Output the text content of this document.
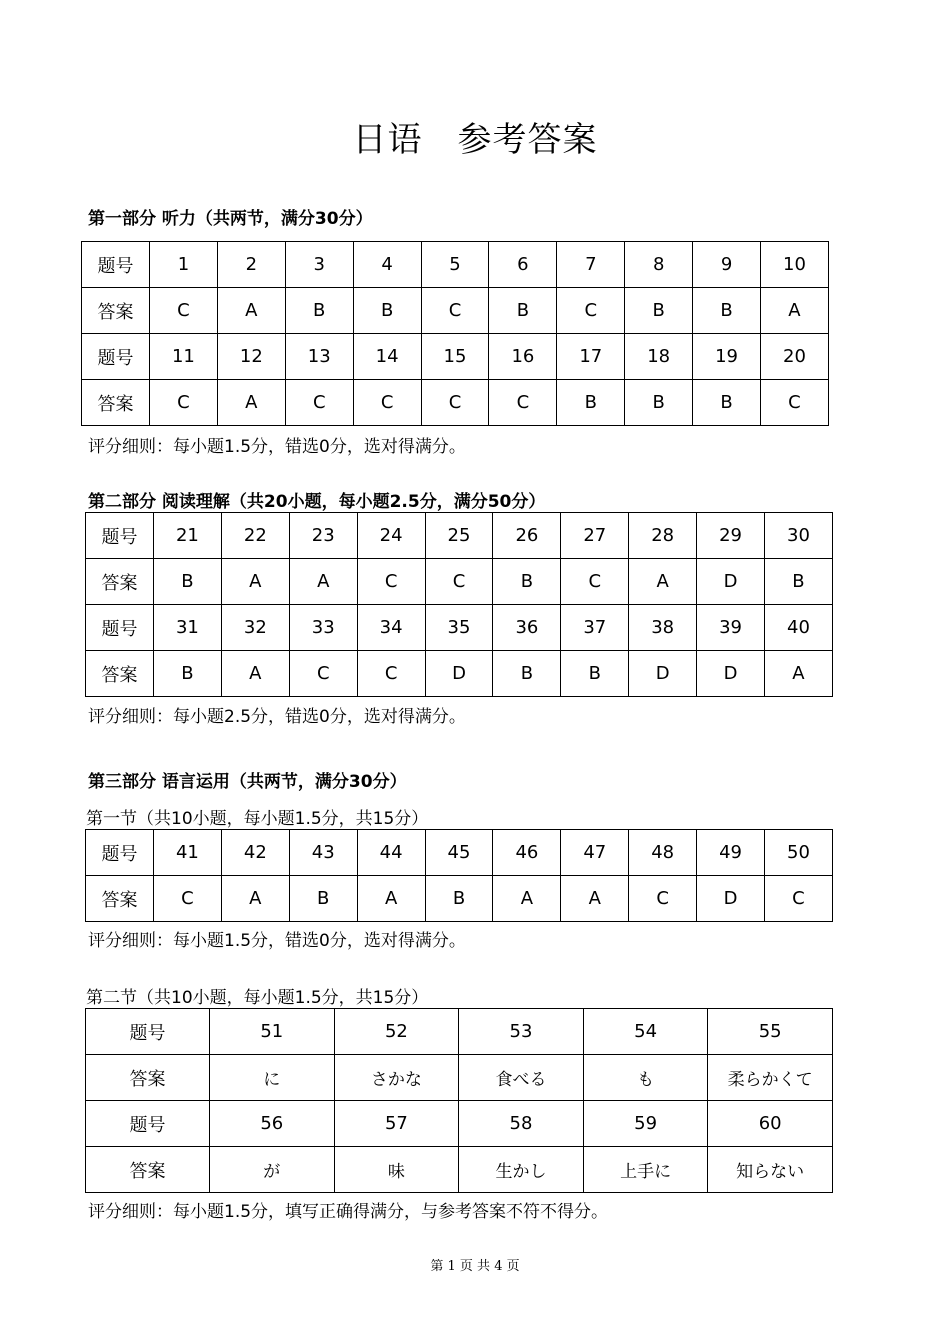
日语　参考答案
第一部分 听力（共两节，满分30分）
题号	1	2	3	4	5	6	7	8	9	10
答案	C	A	B	B	C	B	C	B	B	A
题号	11	12	13	14	15	16	17	18	19	20
答案	C	A	C	C	C	C	B	B	B	C
评分细则：每小题1.5分，错选0分，选对得满分。
第二部分 阅读理解（共20小题，每小题2.5分，满分50分）
题号	21	22	23	24	25	26	27	28	29	30
答案	B	A	A	C	C	B	C	A	D	B
题号	31	32	33	34	35	36	37	38	39	40
答案	B	A	C	C	D	B	B	D	D	A
评分细则：每小题2.5分，错选0分，选对得满分。
第三部分 语言运用（共两节，满分30分）
第一节（共10小题，每小题1.5分，共15分）
题号	41	42	43	44	45	46	47	48	49	50
答案	C	A	B	A	B	A	A	C	D	C
评分细则：每小题1.5分，错选0分，选对得满分。
第二节（共10小题，每小题1.5分，共15分）
题号	51	52	53	54	55
答案	に	さかな	食べる	も	柔らかくて
题号	56	57	58	59	60
答案	が	味	生かし	上手に	知らない
评分细则：每小题1.5分，填写正确得满分，与参考答案不符不得分。
第 1 页 共 4 页
